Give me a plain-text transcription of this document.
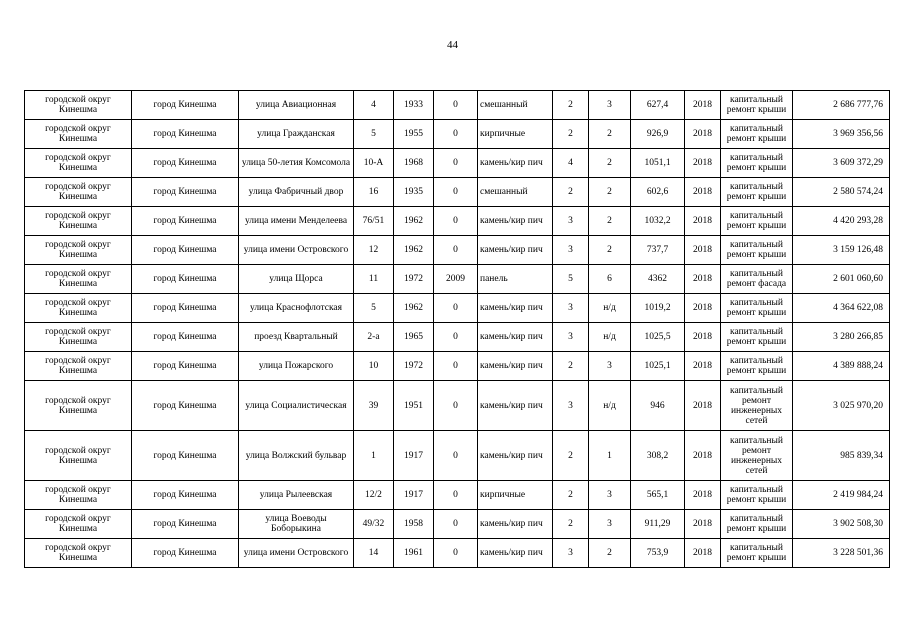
44
городской округ Кинешма	город Кинешма	улица Авиационная	4	1933	0	смешанный	2	3	627,4	2018	капитальный ремонт крыши	2 686 777,76
городской округ Кинешма	город Кинешма	улица Гражданская	5	1955	0	кирпичные	2	2	926,9	2018	капитальный ремонт крыши	3 969 356,56
городской округ Кинешма	город Кинешма	улица 50-летия Комсомола	10-А	1968	0	камень/кир пич	4	2	1051,1	2018	капитальный ремонт крыши	3 609 372,29
городской округ Кинешма	город Кинешма	улица Фабричный двор	16	1935	0	смешанный	2	2	602,6	2018	капитальный ремонт крыши	2 580 574,24
городской округ Кинешма	город Кинешма	улица имени Менделеева	76/51	1962	0	камень/кир пич	3	2	1032,2	2018	капитальный ремонт крыши	4 420 293,28
городской округ Кинешма	город Кинешма	улица имени Островского	12	1962	0	камень/кир пич	3	2	737,7	2018	капитальный ремонт крыши	3 159 126,48
городской округ Кинешма	город Кинешма	улица Щорса	11	1972	2009	панель	5	6	4362	2018	капитальный ремонт фасада	2 601 060,60
городской округ Кинешма	город Кинешма	улица Краснофлотская	5	1962	0	камень/кир пич	3	н/д	1019,2	2018	капитальный ремонт крыши	4 364 622,08
городской округ Кинешма	город Кинешма	проезд Квартальный	2-а	1965	0	камень/кир пич	3	н/д	1025,5	2018	капитальный ремонт крыши	3 280 266,85
городской округ Кинешма	город Кинешма	улица Пожарского	10	1972	0	камень/кир пич	2	3	1025,1	2018	капитальный ремонт крыши	4 389 888,24
городской округ Кинешма	город Кинешма	улица Социалистическая	39	1951	0	камень/кир пич	3	н/д	946	2018	капитальный ремонт инженерных сетей	3 025 970,20
городской округ Кинешма	город Кинешма	улица Волжский бульвар	1	1917	0	камень/кир пич	2	1	308,2	2018	капитальный ремонт инженерных сетей	985 839,34
городской округ Кинешма	город Кинешма	улица Рылеевская	12/2	1917	0	кирпичные	2	3	565,1	2018	капитальный ремонт крыши	2 419 984,24
городской округ Кинешма	город Кинешма	улица Воеводы Боборыкина	49/32	1958	0	камень/кир пич	2	3	911,29	2018	капитальный ремонт крыши	3 902 508,30
городской округ Кинешма	город Кинешма	улица имени Островского	14	1961	0	камень/кир пич	3	2	753,9	2018	капитальный ремонт крыши	3 228 501,36
